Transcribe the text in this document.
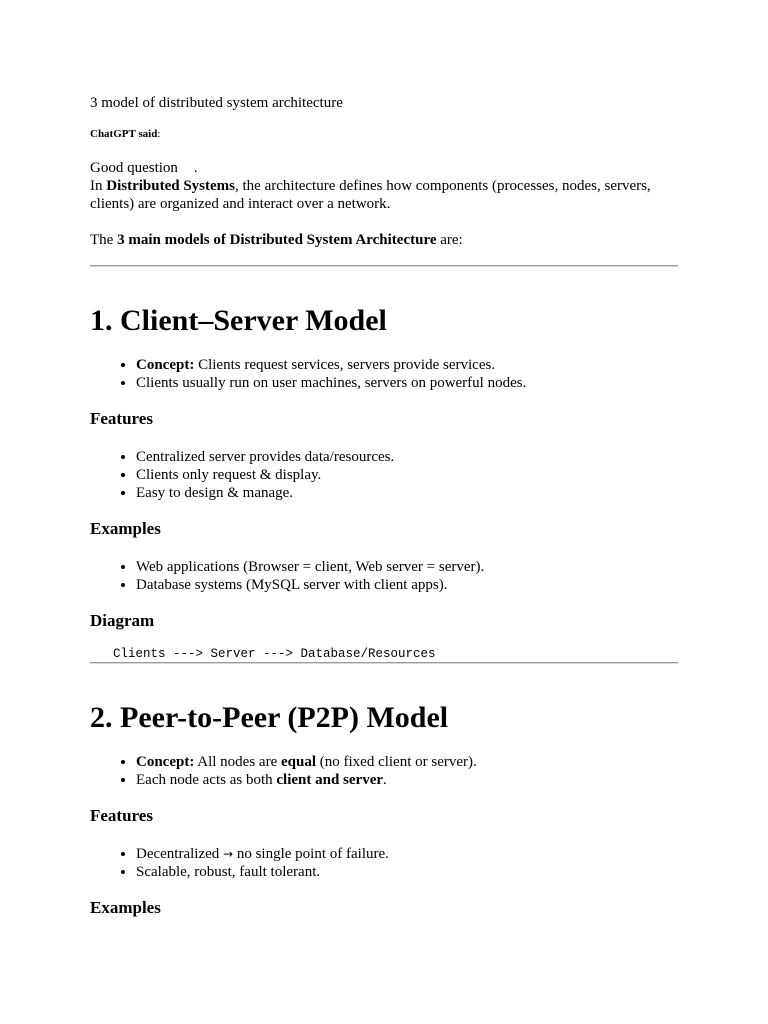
3 model of distributed system architecture

ChatGPT said:

Good question .

In Distributed Systems, the architecture defines how components (processes, nodes, servers,

clients) are organized and interact over a network.

The 3 main models of Distributed System Architecture are:

1. Client–Server Model
• Concept: Clients request services, servers provide services.
• Clients usually run on user machines, servers on powerful nodes.
Features
• Centralized server provides data/resources.
• Clients only request & display.
• Easy to design & manage.
Examples
• Web applications (Browser = client, Web server = server).
• Database systems (MySQL server with client apps).
Diagram
Clients ---> Server ---> Database/Resources
2. Peer-to-Peer (P2P) Model
• Concept: All nodes are equal (no fixed client or server).
• Each node acts as both client and server.
Features
• Decentralized → no single point of failure.
• Scalable, robust, fault tolerant.
Examples
